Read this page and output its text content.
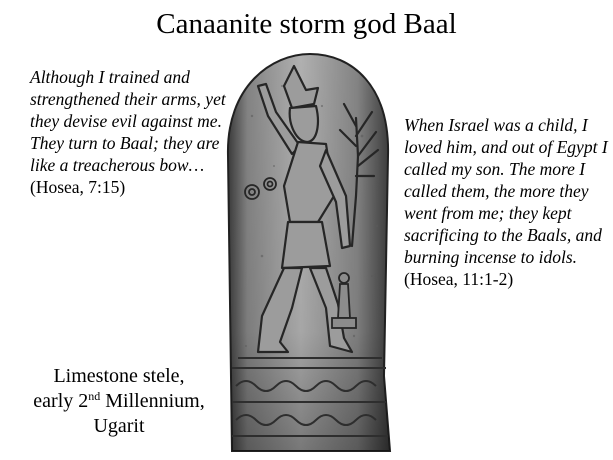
Canaanite storm god Baal
Although I trained and strengthened their arms, yet they devise evil against me. They turn to Baal; they are like a treacherous bow…
(Hosea, 7:15)
When Israel was a child, I loved him, and out of Egypt I called my son. The more I called them, the more they went from me; they kept sacrificing to the Baals, and burning incense to idols.
(Hosea, 11:1-2)
Limestone stele,
early 2nd Millennium,
Ugarit
